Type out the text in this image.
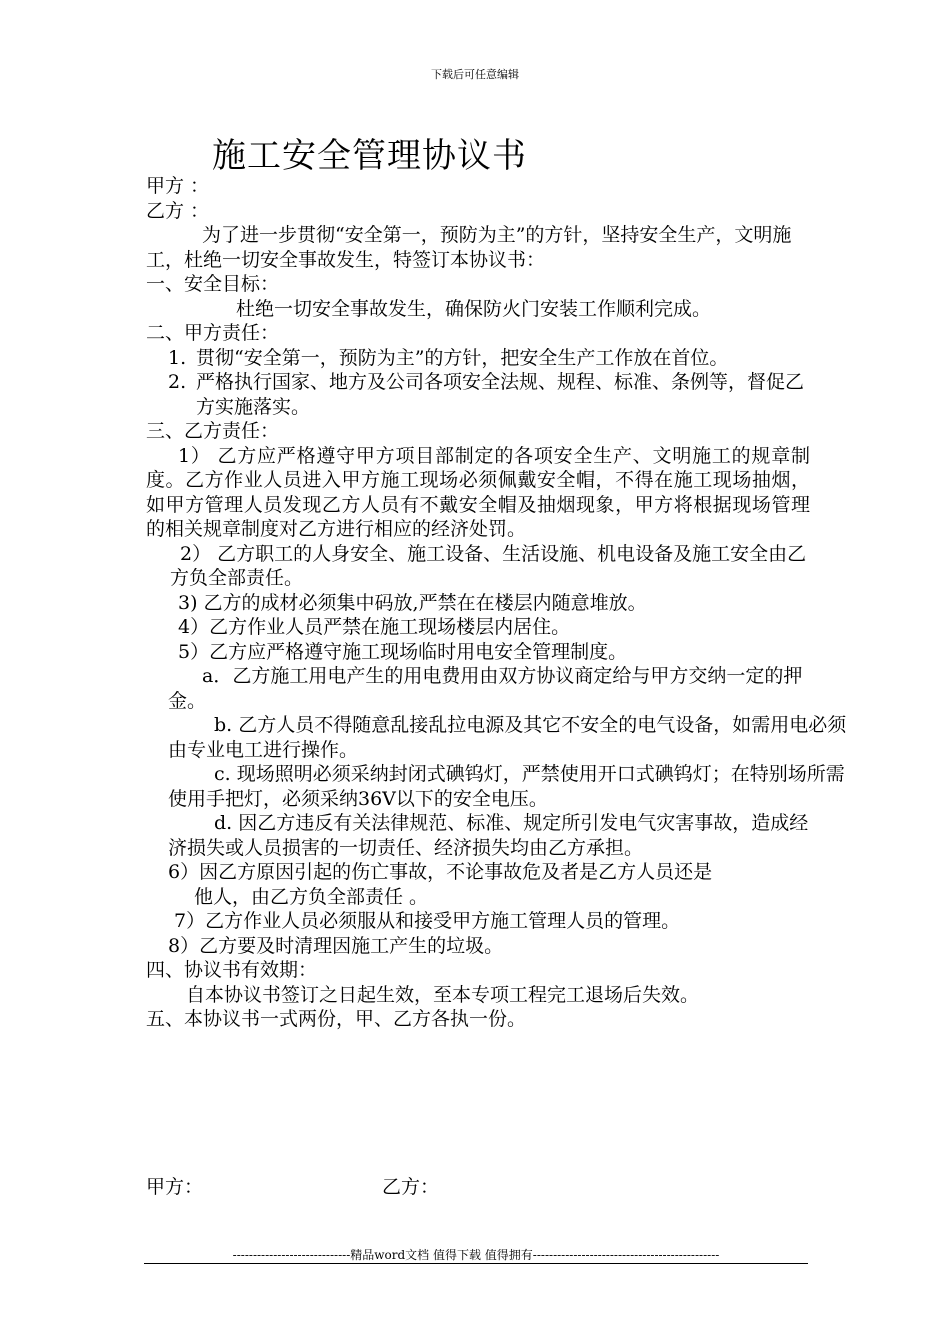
下载后可任意编辑
施工安全管理协议书

甲方 ：

乙方 ：

为了进一步贯彻“安全第一，预防为主”的方针，坚持安全生产，文明施工，杜绝一切安全事故发生，特签订本协议书：

一、安全目标：

杜绝一切安全事故发生，确保防火门安装工作顺利完成。

二、甲方责任：

1. 贯彻“安全第一，预防为主”的方针，把安全生产工作放在首位。
2. 严格执行国家、地方及公司各项安全法规、规程、标准、条例等，督促乙方实施落实。

三、乙方责任：

1） 乙方应严格遵守甲方项目部制定的各项安全生产、文明施工的规章制度。乙方作业人员进入甲方施工现场必须佩戴安全帽，不得在施工现场抽烟，如甲方管理人员发现乙方人员有不戴安全帽及抽烟现象，甲方将根据现场管理的相关规章制度对乙方进行相应的经济处罚。

2） 乙方职工的人身安全、施工设备、生活设施、机电设备及施工安全由乙方负全部责任。

3) 乙方的成材必须集中码放,严禁在在楼层内随意堆放。

4）乙方作业人员严禁在施工现场楼层内居住。

5）乙方应严格遵守施工现场临时用电安全管理制度。

a．乙方施工用电产生的用电费用由双方协议商定给与甲方交纳一定的押金。

b. 乙方人员不得随意乱接乱拉电源及其它不安全的电气设备，如需用电必须由专业电工进行操作。

c. 现场照明必须采纳封闭式碘钨灯，严禁使用开口式碘钨灯；在特别场所需使用手把灯，必须采纳36V以下的安全电压。

d. 因乙方违反有关法律规范、标准、规定所引发电气灾害事故，造成经济损失或人员损害的一切责任、经济损失均由乙方承担。

6）因乙方原因引起的伤亡事故，不论事故危及者是乙方人员还是

他人，由乙方负全部责任 。

7）乙方作业人员必须服从和接受甲方施工管理人员的管理。

8）乙方要及时清理因施工产生的垃圾。

四、协议书有效期：

自本协议书签订之日起生效，至本专项工程完工退场后失效。

五、本协议书一式两份，甲、乙方各执一份。

甲方：	乙方：
-----------------------------精品word文档 值得下载 值得拥有----------------------------------------------
